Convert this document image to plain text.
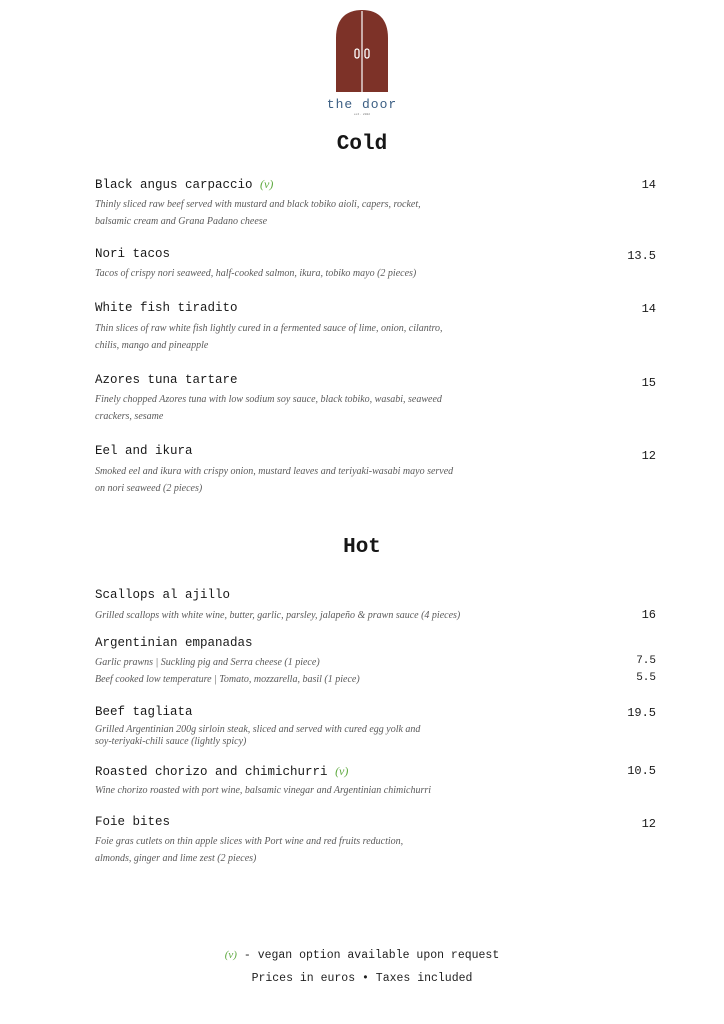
the door
est. 2022
Cold
Black angus carpaccio (v)
Thinly sliced raw beef served with mustard and black tobiko aioli, capers, rocket,
balsamic cream and Grana Padano cheese
14
Nori tacos
Tacos of crispy nori seaweed, half-cooked salmon, ikura, tobiko mayo (2 pieces)
13.5
White fish tiradito
Thin slices of raw white fish lightly cured in a fermented sauce of lime, onion, cilantro,
chilis, mango and pineapple
14
Azores tuna tartare
Finely chopped Azores tuna with low sodium soy sauce, black tobiko, wasabi, seaweed
crackers, sesame
15
Eel and ikura
Smoked eel and ikura with crispy onion, mustard leaves and teriyaki-wasabi mayo served
on nori seaweed (2 pieces)
12
Hot
Scallops al ajillo
Grilled scallops with white wine, butter, garlic, parsley, jalapeño & prawn sauce (4 pieces)	16
Argentinian empanadas
Garlic prawns | Suckling pig and Serra cheese (1 piece)	7.5
Beef cooked low temperature | Tomato, mozzarella, basil (1 piece)	5.5
Beef tagliata
Grilled Argentinian 200g sirloin steak, sliced and served with cured egg yolk and
soy-teriyaki-chili sauce (lightly spicy)
19.5
Roasted chorizo and chimichurri (v)
Wine chorizo roasted with port wine, balsamic vinegar and Argentinian chimichurri
10.5
Foie bites
Foie gras cutlets on thin apple slices with Port wine and red fruits reduction,
almonds, ginger and lime zest (2 pieces)
12
(v) - vegan option available upon request
Prices in euros • Taxes included
